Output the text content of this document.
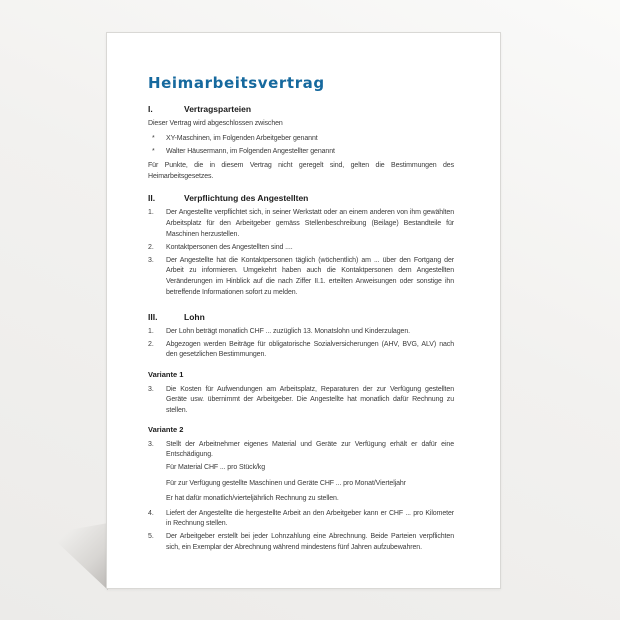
Heimarbeitsvertrag
I.	Vertragsparteien

Dieser Vertrag wird abgeschlossen zwischen

*	XY-Maschinen, im Folgenden Arbeitgeber genannt
*	Walter Häusermann, im Folgenden Angestellter genannt

Für Punkte, die in diesem Vertrag nicht geregelt sind, gelten die Bestimmungen des Heimarbeitsgesetzes.

II.	Verpflichtung des Angestellten
1.	Der Angestellte verpflichtet sich, in seiner Werkstatt oder an einem anderen von ihm gewählten Arbeitsplatz für den Arbeitgeber gemäss Stellenbeschreibung (Beilage) Bestandteile für Maschinen herzustellen.
2.	Kontaktpersonen des Angestellten sind ....
3.	Der Angestellte hat die Kontaktpersonen täglich (wöchentlich) am ... über den Fortgang der Arbeit zu informieren. Umgekehrt haben auch die Kontaktpersonen dem Angestellten Veränderungen im Hinblick auf die nach Ziffer II.1. erteilten Anweisungen oder sonstige ihn betreffende Informationen sofort zu melden.
III.	Lohn
1.	Der Lohn beträgt monatlich CHF ... zuzüglich 13. Monatslohn und Kinderzulagen.
2.	Abgezogen werden Beiträge für obligatorische Sozialversicherungen (AHV, BVG, ALV) nach den gesetzlichen Bestimmungen.
Variante 1
3.	Die Kosten für Aufwendungen am Arbeitsplatz, Reparaturen der zur Verfügung gestellten Geräte usw. übernimmt der Arbeitgeber. Die Angestellte hat monatlich dafür Rechnung zu stellen.
Variante 2
3.	Stellt der Arbeitnehmer eigenes Material und Geräte zur Verfügung erhält er dafür eine Entschädigung.

Für Material CHF ... pro Stück/kg

Für zur Verfügung gestellte Maschinen und Geräte CHF ... pro Monat/Vierteljahr

Er hat dafür monatlich/vierteljährlich Rechnung zu stellen.

4.	Liefert der Angestellte die hergestellte Arbeit an den Arbeitgeber kann er CHF ... pro Kilometer in Rechnung stellen.
5.	Der Arbeitgeber erstellt bei jeder Lohnzahlung eine Abrechnung. Beide Parteien verpflichten sich, ein Exemplar der Abrechnung während mindestens fünf Jahren aufzubewahren.
